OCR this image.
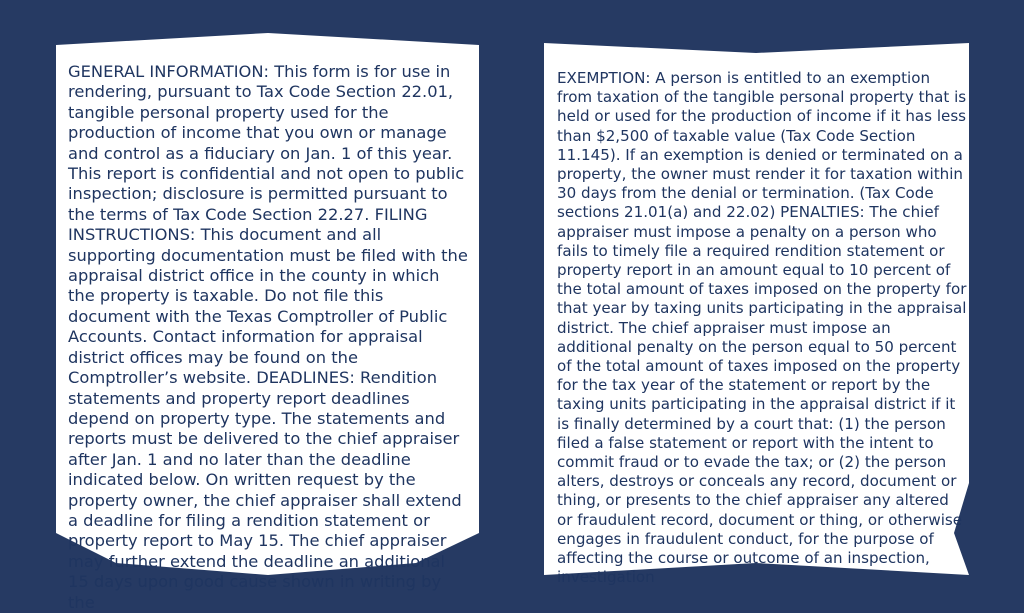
GENERAL INFORMATION: This form is for use in rendering, pursuant to Tax Code Section 22.01, tangible personal property used for the production of income that you own or manage and control as a fiduciary on Jan. 1 of this year. This report is confidential and not open to public inspection; disclosure is permitted pursuant to the terms of Tax Code Section 22.27. FILING INSTRUCTIONS: This document and all supporting documentation must be filed with the appraisal district office in the county in which the property is taxable. Do not file this document with the Texas Comptroller of Public Accounts. Contact information for appraisal district offices may be found on the Comptroller’s website. DEADLINES: Rendition statements and property report deadlines depend on property type. The statements and reports must be delivered to the chief appraiser after Jan. 1 and no later than the deadline indicated below. On written request by the property owner, the chief appraiser shall extend a deadline for filing a rendition statement or property report to May 15. The chief appraiser may further extend the deadline an additional 15 days upon good cause shown in writing by the
EXEMPTION: A person is entitled to an exemption from taxation of the tangible personal property that is held or used for the production of income if it has less than $2,500 of taxable value (Tax Code Section 11.145). If an exemption is denied or terminated on a property, the owner must render it for taxation within 30 days from the denial or termination. (Tax Code sections 21.01(a) and 22.02) PENALTIES: The chief appraiser must impose a penalty on a person who fails to timely file a required rendition statement or property report in an amount equal to 10 percent of the total amount of taxes imposed on the property for that year by taxing units participating in the appraisal district. The chief appraiser must impose an additional penalty on the person equal to 50 percent of the total amount of taxes imposed on the property for the tax year of the statement or report by the taxing units participating in the appraisal district if it is finally determined by a court that: (1) the person filed a false statement or report with the intent to commit fraud or to evade the tax; or (2) the person alters, destroys or conceals any record, document or thing, or presents to the chief appraiser any altered or fraudulent record, document or thing, or otherwise engages in fraudulent conduct, for the purpose of affecting the course or outcome of an inspection, investigation
